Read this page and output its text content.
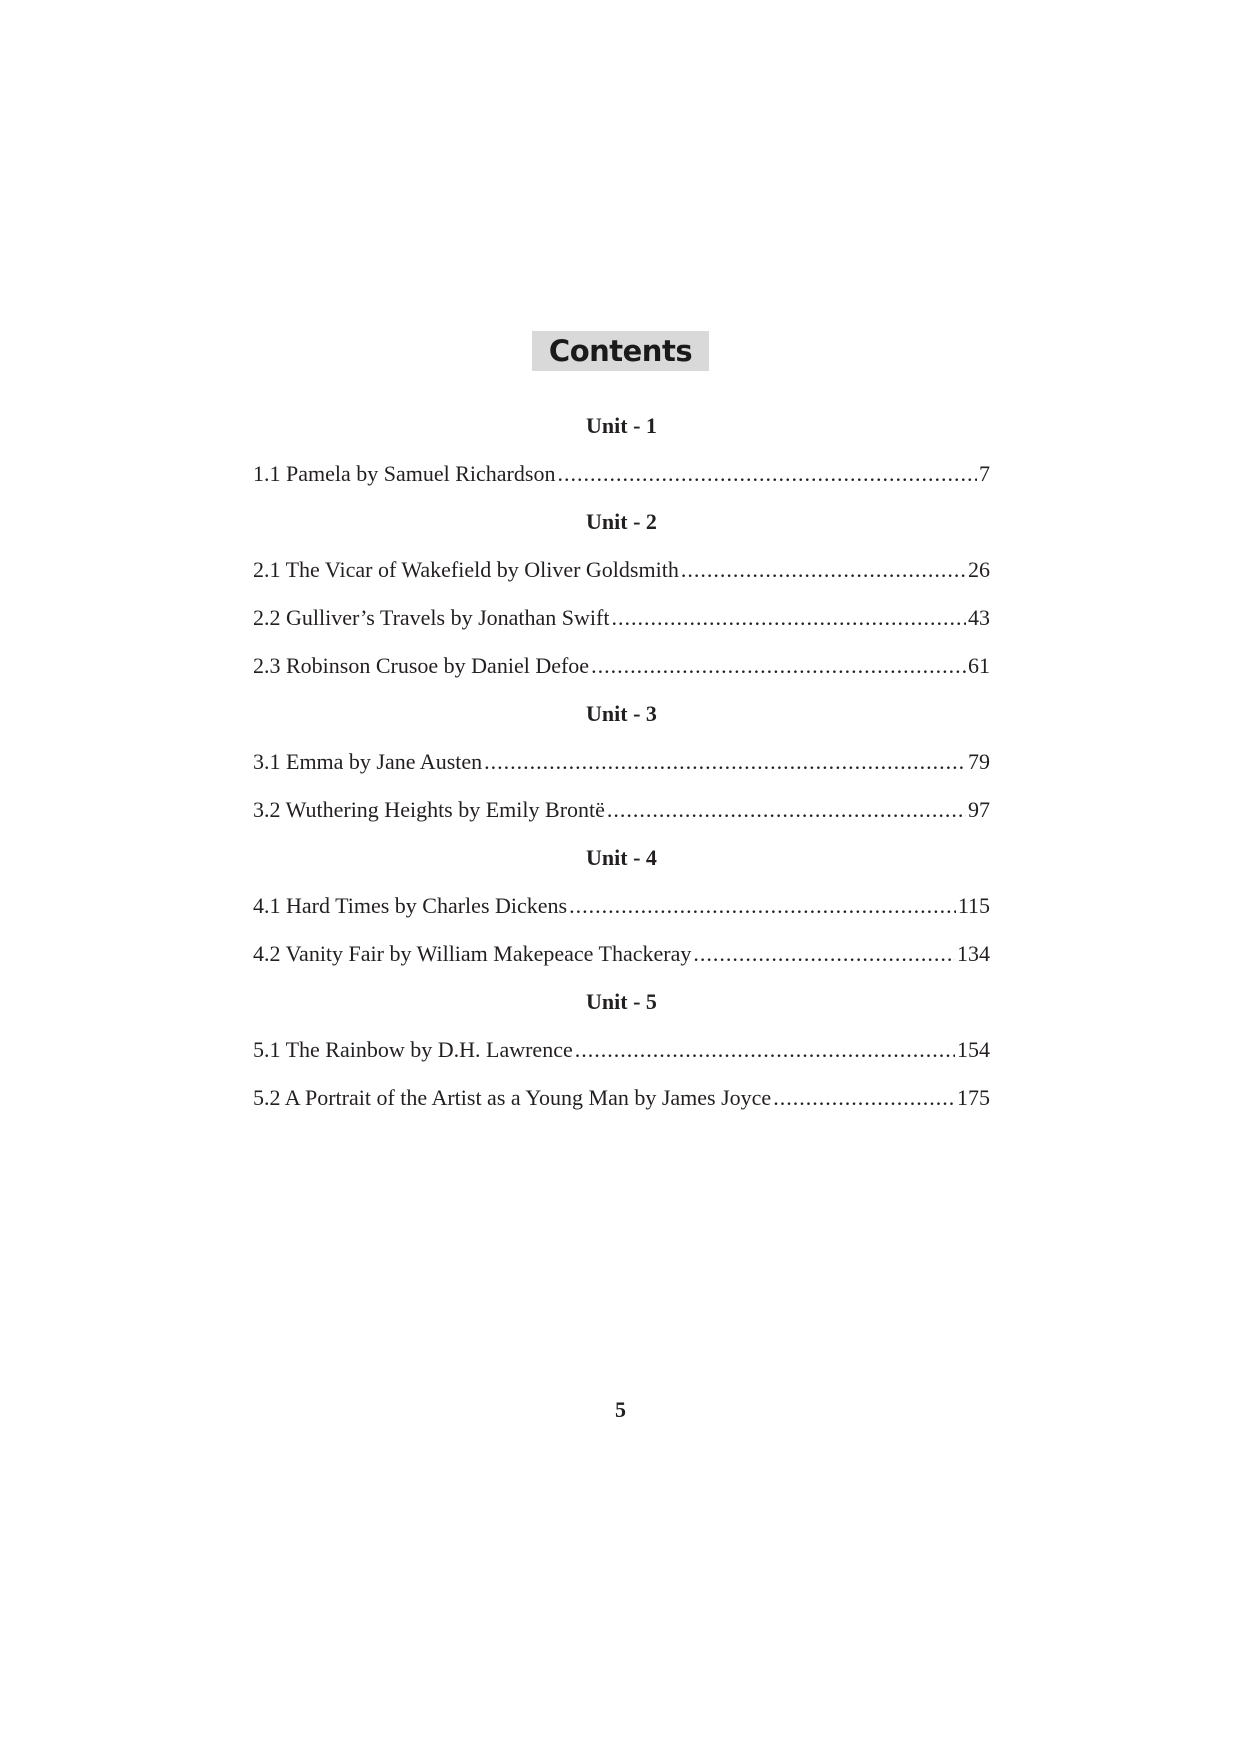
Contents
Unit - 1
1.1 Pamela by Samuel Richardson .....	7
Unit - 2
2.1 The Vicar of Wakefield by Oliver Goldsmith .....	26
2.2 Gulliver’s Travels by Jonathan Swift .....	43
2.3 Robinson Crusoe by Daniel Defoe .....	61
Unit - 3
3.1 Emma by Jane Austen .....	79
3.2 Wuthering Heights by Emily Brontë .....	97
Unit - 4
4.1 Hard Times by Charles Dickens .....	115
4.2 Vanity Fair by William Makepeace Thackeray .....	134
Unit - 5
5.1 The Rainbow by D.H. Lawrence .....	154
5.2 A Portrait of the Artist as a Young Man by James Joyce .....	175
5
